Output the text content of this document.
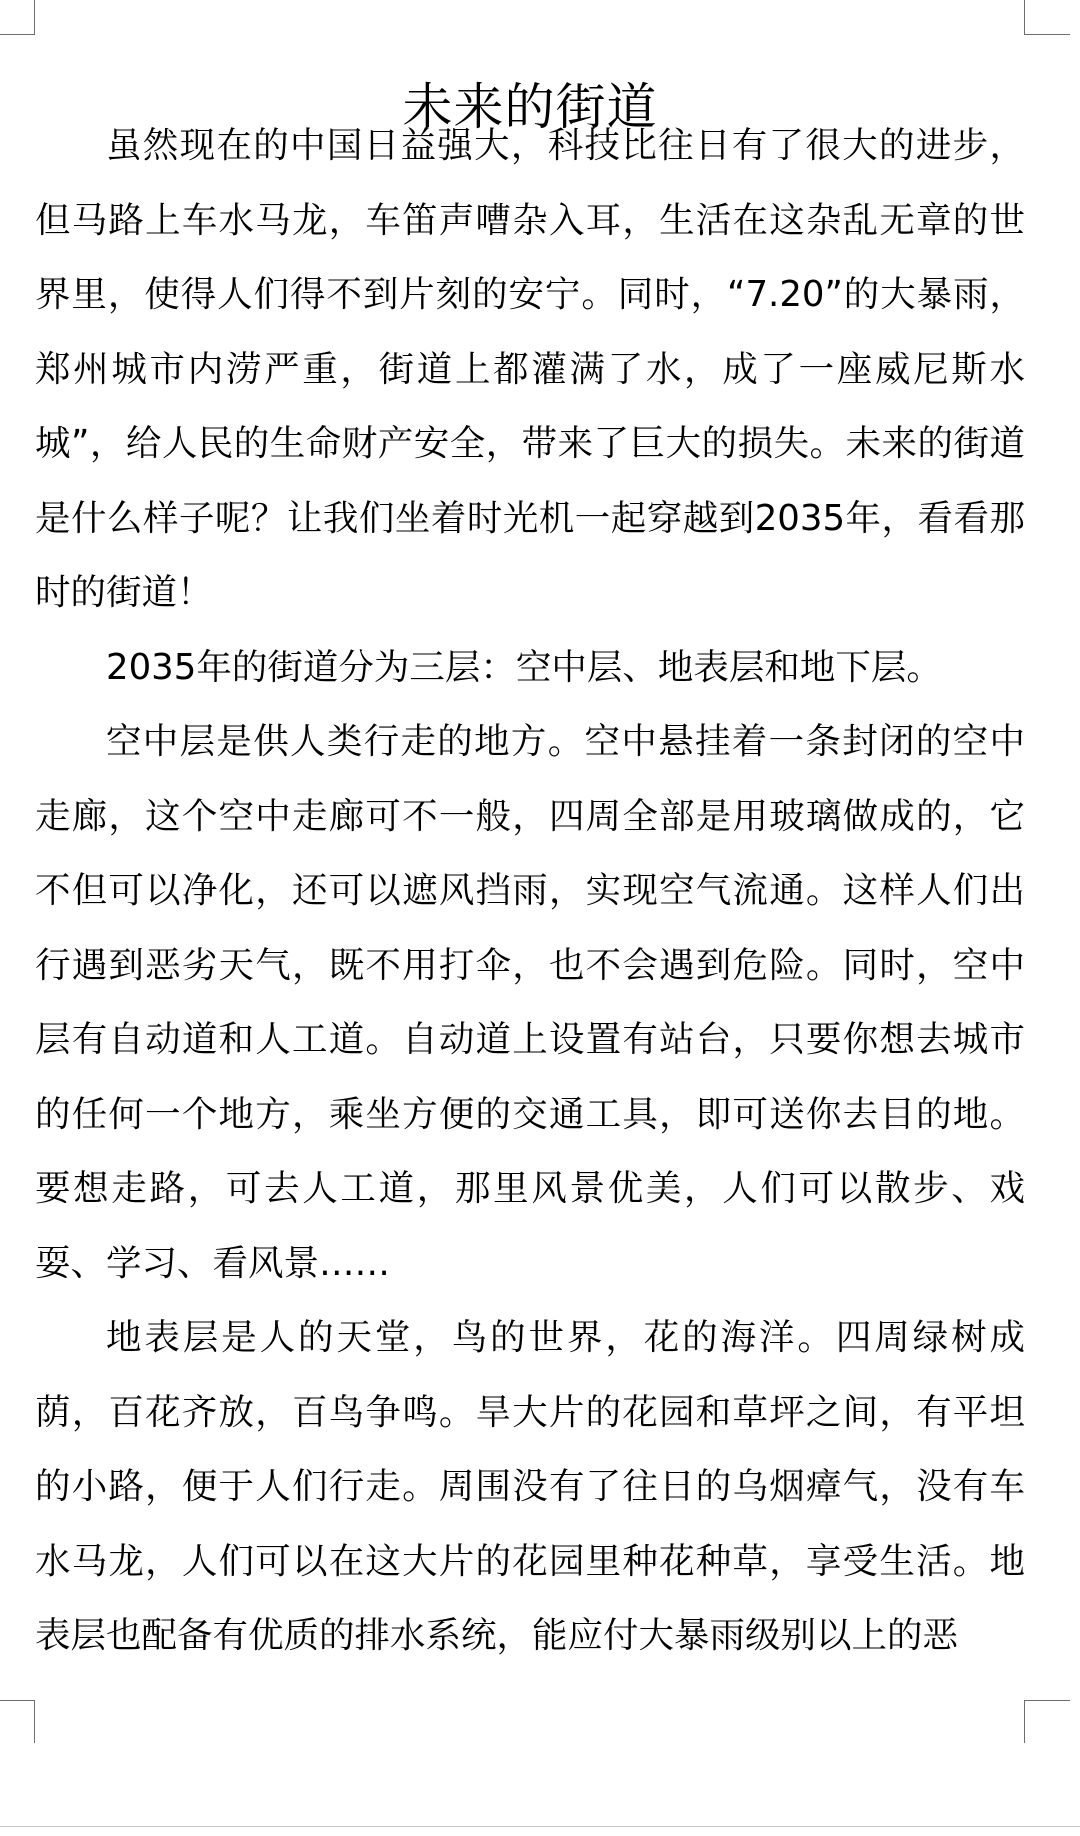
未来的街道

虽然现在的中国日益强大，科技比往日有了很大的进步，但马路上车水马龙，车笛声嘈杂入耳，生活在这杂乱无章的世界里，使得人们得不到片刻的安宁。同时，“7.20”的大暴雨，郑州城市内涝严重，街道上都灌满了水，成了一座威尼斯水城”，给人民的生命财产安全，带来了巨大的损失。未来的街道是什么样子呢？让我们坐着时光机一起穿越到2035年，看看那时的街道！

2035年的街道分为三层：空中层、地表层和地下层。

空中层是供人类行走的地方。空中悬挂着一条封闭的空中走廊，这个空中走廊可不一般，四周全部是用玻璃做成的，它不但可以净化，还可以遮风挡雨，实现空气流通。这样人们出行遇到恶劣天气，既不用打伞，也不会遇到危险。同时，空中层有自动道和人工道。自动道上设置有站台，只要你想去城市的任何一个地方，乘坐方便的交通工具，即可送你去目的地。要想走路，可去人工道，那里风景优美，人们可以散步、戏耍、学习、看风景……

地表层是人的天堂，鸟的世界，花的海洋。四周绿树成荫，百花齐放，百鸟争鸣。旱大片的花园和草坪之间，有平坦的小路，便于人们行走。周围没有了往日的乌烟瘴气，没有车水马龙，人们可以在这大片的花园里种花种草，享受生活。地表层也配备有优质的排水系统，能应付大暴雨级别以上的恶
